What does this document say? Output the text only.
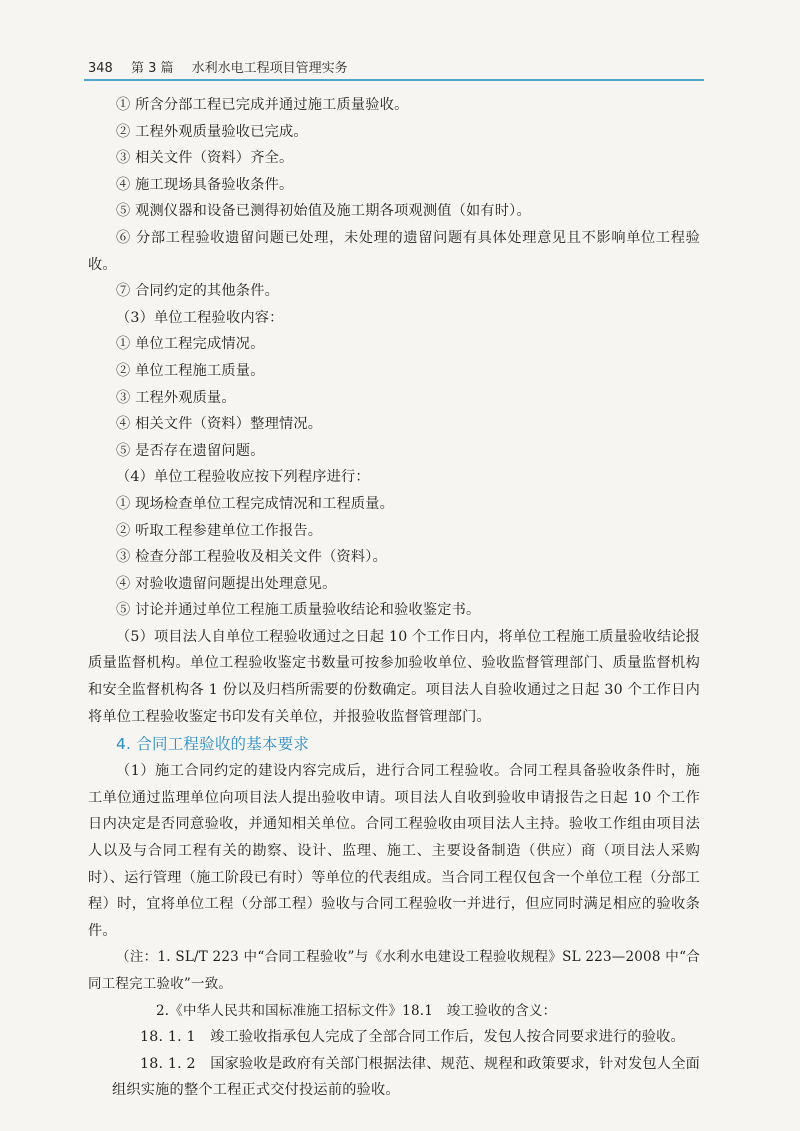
348 第 3 篇 水利水电工程项目管理实务
① 所含分部工程已完成并通过施工质量验收。
② 工程外观质量验收已完成。
③ 相关文件（资料）齐全。
④ 施工现场具备验收条件。
⑤ 观测仪器和设备已测得初始值及施工期各项观测值（如有时）。
⑥ 分部工程验收遗留问题已处理，未处理的遗留问题有具体处理意见且不影响单位工程验收。
⑦ 合同约定的其他条件。
（3）单位工程验收内容：
① 单位工程完成情况。
② 单位工程施工质量。
③ 工程外观质量。
④ 相关文件（资料）整理情况。
⑤ 是否存在遗留问题。
（4）单位工程验收应按下列程序进行：
① 现场检查单位工程完成情况和工程质量。
② 听取工程参建单位工作报告。
③ 检查分部工程验收及相关文件（资料）。
④ 对验收遗留问题提出处理意见。
⑤ 讨论并通过单位工程施工质量验收结论和验收鉴定书。
（5）项目法人自单位工程验收通过之日起 10 个工作日内，将单位工程施工质量验收结论报质量监督机构。单位工程验收鉴定书数量可按参加验收单位、验收监督管理部门、质量监督机构和安全监督机构各 1 份以及归档所需要的份数确定。项目法人自验收通过之日起 30 个工作日内将单位工程验收鉴定书印发有关单位，并报验收监督管理部门。
4. 合同工程验收的基本要求
（1）施工合同约定的建设内容完成后，进行合同工程验收。合同工程具备验收条件时，施工单位通过监理单位向项目法人提出验收申请。项目法人自收到验收申请报告之日起 10 个工作日内决定是否同意验收，并通知相关单位。合同工程验收由项目法人主持。验收工作组由项目法人以及与合同工程有关的勘察、设计、监理、施工、主要设备制造（供应）商（项目法人采购时）、运行管理（施工阶段已有时）等单位的代表组成。当合同工程仅包含一个单位工程（分部工程）时，宜将单位工程（分部工程）验收与合同工程验收一并进行，但应同时满足相应的验收条件。
（注：1. SL/T 223 中“合同工程验收”与《水利水电建设工程验收规程》SL 223—2008 中“合同工程完工验收”一致。
2.《中华人民共和国标准施工招标文件》18.1　竣工验收的含义：
18. 1. 1　竣工验收指承包人完成了全部合同工作后，发包人按合同要求进行的验收。
18. 1. 2　国家验收是政府有关部门根据法律、规范、规程和政策要求，针对发包人全面组织实施的整个工程正式交付投运前的验收。
